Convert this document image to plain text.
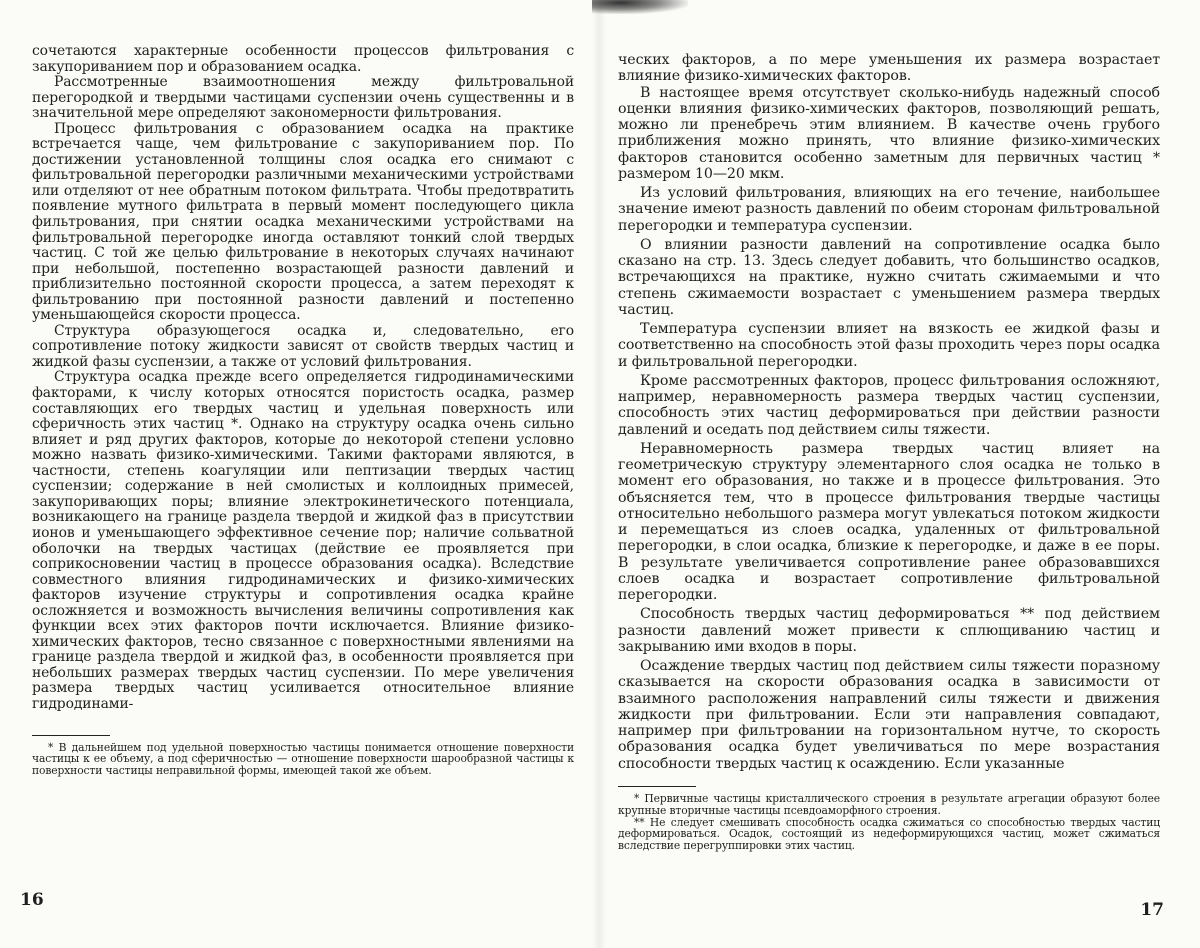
сочетаются характерные особенности процессов фильтрования с закупориванием пор и образованием осадка.

Рассмотренные взаимоотношения между фильтровальной перегородкой и твердыми частицами суспензии очень существенны и в значительной мере определяют закономерности фильтрования.

Процесс фильтрования с образованием осадка на практике встречается чаще, чем фильтрование с закупориванием пор. По достижении установленной толщины слоя осадка его снимают с фильтровальной перегородки различными механическими устройствами или отделяют от нее обратным потоком фильтрата. Чтобы предотвратить появление мутного фильтрата в первый момент последующего цикла фильтрования, при снятии осадка механическими устройствами на фильтровальной перегородке иногда оставляют тонкий слой твердых частиц. С той же целью фильтрование в некоторых случаях начинают при небольшой, постепенно возрастающей разности давлений и приблизительно постоянной скорости процесса, а затем переходят к фильтрованию при постоянной разности давлений и постепенно уменьшающейся скорости процесса.

Структура образующегося осадка и, следовательно, его сопротивление потоку жидкости зависят от свойств твердых частиц и жидкой фазы суспензии, а также от условий фильтрования.

Структура осадка прежде всего определяется гидродинамическими факторами, к числу которых относятся пористость осадка, размер составляющих его твердых частиц и удельная поверхность или сферичность этих частиц *. Однако на структуру осадка очень сильно влияет и ряд других факторов, которые до некоторой степени условно можно назвать физико-химическими. Такими факторами являются, в частности, степень коагуляции или пептизации твердых частиц суспензии; содержание в ней смолистых и коллоидных примесей, закупоривающих поры; влияние электрокинетического потенциала, возникающего на границе раздела твердой и жидкой фаз в присутствии ионов и уменьшающего эффективное сечение пор; наличие сольватной оболочки на твердых частицах (действие ее проявляется при соприкосновении частиц в процессе образования осадка). Вследствие совместного влияния гидродинамических и физико-химических факторов изучение структуры и сопротивления осадка крайне осложняется и возможность вычисления величины сопротивления как функции всех этих факторов почти исключается. Влияние физико-химических факторов, тесно связанное с поверхностными явлениями на границе раздела твердой и жидкой фаз, в особенности проявляется при небольших размерах твердых частиц суспензии. По мере увеличения размера твердых частиц усиливается относительное влияние гидродинами-

* В дальнейшем под удельной поверхностью частицы понимается отношение поверхности частицы к ее объему, а под сферичностью — отношение поверхности шарообразной частицы к поверхности частицы неправильной формы, имеющей такой же объем.

16

ческих факторов, а по мере уменьшения их размера возрастает влияние физико-химических факторов.

В настоящее время отсутствует сколько-нибудь надежный способ оценки влияния физико-химических факторов, позволяющий решать, можно ли пренебречь этим влиянием. В качестве очень грубого приближения можно принять, что влияние физико-химических факторов становится особенно заметным для первичных частиц * размером 10—20 мкм.

Из условий фильтрования, влияющих на его течение, наибольшее значение имеют разность давлений по обеим сторонам фильтровальной перегородки и температура суспензии.

О влиянии разности давлений на сопротивление осадка было сказано на стр. 13. Здесь следует добавить, что большинство осадков, встречающихся на практике, нужно считать сжимаемыми и что степень сжимаемости возрастает с уменьшением размера твердых частиц.

Температура суспензии влияет на вязкость ее жидкой фазы и соответственно на способность этой фазы проходить через поры осадка и фильтровальной перегородки.

Кроме рассмотренных факторов, процесс фильтрования осложняют, например, неравномерность размера твердых частиц суспензии, способность этих частиц деформироваться при действии разности давлений и оседать под действием силы тяжести.

Неравномерность размера твердых частиц влияет на геометрическую структуру элементарного слоя осадка не только в момент его образования, но также и в процессе фильтрования. Это объясняется тем, что в процессе фильтрования твердые частицы относительно небольшого размера могут увлекаться потоком жидкости и перемещаться из слоев осадка, удаленных от фильтровальной перегородки, в слои осадка, близкие к перегородке, и даже в ее поры. В результате увеличивается сопротивление ранее образовавшихся слоев осадка и возрастает сопротивление фильтровальной перегородки.

Способность твердых частиц деформироваться ** под действием разности давлений может привести к сплющиванию частиц и закрыванию ими входов в поры.

Осаждение твердых частиц под действием силы тяжести поразному сказывается на скорости образования осадка в зависимости от взаимного расположения направлений силы тяжести и движения жидкости при фильтровании. Если эти направления совпадают, например при фильтровании на горизонтальном нутче, то скорость образования осадка будет увеличиваться по мере возрастания способности твердых частиц к осаждению. Если указанные

* Первичные частицы кристаллического строения в результате агрегации образуют более крупные вторичные частицы псевдоаморфного строения.

** Не следует смешивать способность осадка сжиматься со способностью твердых частиц деформироваться. Осадок, состоящий из недеформирующихся частиц, может сжиматься вследствие перегруппировки этих частиц.

17
